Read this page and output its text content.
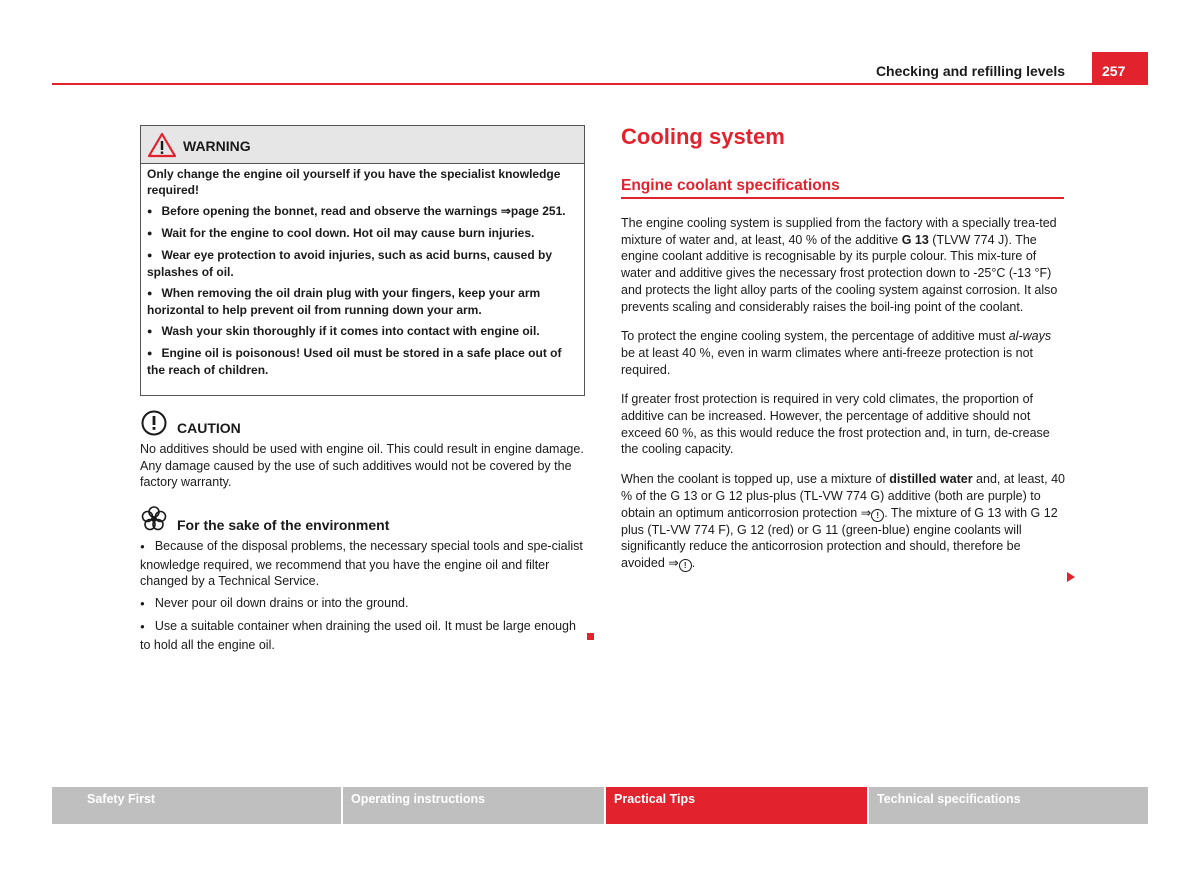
Checking and refilling levels	257
WARNING

Only change the engine oil yourself if you have the specialist knowledge required!

● Before opening the bonnet, read and observe the warnings ⇒page 251.

● Wait for the engine to cool down. Hot oil may cause burn injuries.

● Wear eye protection to avoid injuries, such as acid burns, caused by splashes of oil.

● When removing the oil drain plug with your fingers, keep your arm horizontal to help prevent oil from running down your arm.

● Wash your skin thoroughly if it comes into contact with engine oil.

● Engine oil is poisonous! Used oil must be stored in a safe place out of the reach of children.

CAUTION

No additives should be used with engine oil. This could result in engine damage. Any damage caused by the use of such additives would not be covered by the factory warranty.

For the sake of the environment

● Because of the disposal problems, the necessary special tools and spe-cialist knowledge required, we recommend that you have the engine oil and filter changed by a Technical Service.

● Never pour oil down drains or into the ground.

● Use a suitable container when draining the used oil. It must be large enough to hold all the engine oil.

Cooling system
Engine coolant specifications

The engine cooling system is supplied from the factory with a specially trea-ted mixture of water and, at least, 40 % of the additive G 13 (TLVW 774 J). The engine coolant additive is recognisable by its purple colour. This mix-ture of water and additive gives the necessary frost protection down to -25°C (-13 °F) and protects the light alloy parts of the cooling system against corrosion. It also prevents scaling and considerably raises the boil-ing point of the coolant.

To protect the engine cooling system, the percentage of additive must al-ways be at least 40 %, even in warm climates where anti-freeze protection is not required.

If greater frost protection is required in very cold climates, the proportion of additive can be increased. However, the percentage of additive should not exceed 60 %, as this would reduce the frost protection and, in turn, de-crease the cooling capacity.

When the coolant is topped up, use a mixture of distilled water and, at least, 40 % of the G 13 or G 12 plus-plus (TL-VW 774 G) additive (both are purple) to obtain an optimum anticorrosion protection ⇒ ! . The mixture of G 13 with G 12 plus (TL-VW 774 F), G 12 (red) or G 11 (green-blue) engine coolants will significantly reduce the anticorrosion protection and should, therefore be avoided ⇒ ! .

Safety First	Operating instructions	Practical Tips	Technical specifications
